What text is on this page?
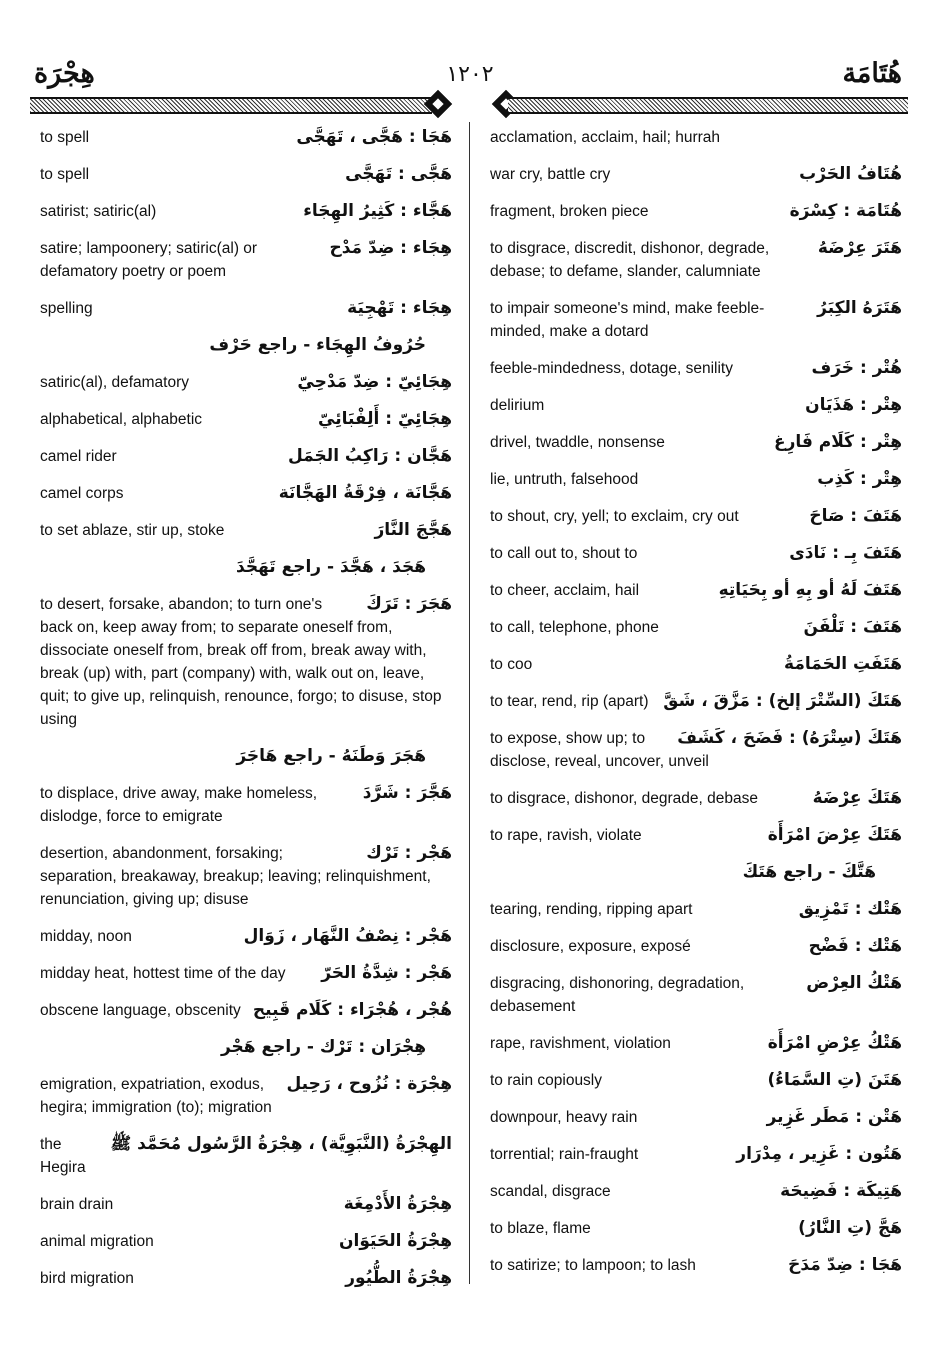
هُتَامَة
١٢٠٢
هِجْرَة
هَجَا : هَجَّى ، تَهَجَّى
to spell
هَجَّى : تَهَجَّى
to spell
هَجَّاء : كَثِيرُ الهِجَاء
satirist; satiric(al)
هِجَاء : ضِدّ مَدْح
satire; lampoonery; satiric(al) or defamatory poetry or poem
هِجَاء : تَهْجِيَة
spelling
حُرُوفُ الهِجَاء - راجع حَرْف
هِجَائِيّ : ضِدّ مَدْحِيّ
satiric(al), defamatory
هِجَائِيّ : أَلِفْبَائِيّ
alphabetical, alphabetic
هَجَّان : رَاكِبُ الجَمَل
camel rider
هَجَّانَة ، فِرْقَةُ الهَجَّانَة
camel corps
هَجَّجَ النَّارَ
to set ablaze, stir up, stoke
هَجَدَ ، هَجَّدَ - راجع تَهَجَّدَ
هَجَرَ : تَرَكَ
to desert, forsake, abandon; to turn one's back on, keep away from; to separate oneself from, dissociate oneself from, break off from, break away with, break (up) with, part (company) with, walk out on, leave, quit; to give up, relinquish, renounce, forgo; to disuse, stop using
هَجَرَ وَطَنَهُ - راجع هَاجَرَ
هَجَّرَ : شَرَّدَ
to displace, drive away, make homeless, dislodge, force to emigrate
هَجْر : تَرْك
desertion, abandonment, forsaking; separation, breakaway, breakup; leaving; relinquishment, renunciation, giving up; disuse
هَجْر : نِصْفُ النَّهَار ، زَوَال
midday, noon
هَجْر : شِدَّةُ الحَرّ
midday heat, hottest time of the day
هُجْر ، هُجْرَاء : كَلَام قَبِيح
obscene language, obscenity
هِجْرَان : تَرْك - راجع هَجْر
هِجْرَة : نُزُوح ، رَحِيل
emigration, expatriation, exodus, hegira; immigration (to); migration
الهِجْرَةُ (النَّبَوِيَّة) ، هِجْرَةُ الرَّسُول مُحَمَّد ﷺ
the Hegira
هِجْرَةُ الأَدْمِغَة
brain drain
هِجْرَةُ الحَيَوَان
animal migration
هِجْرَةُ الطُّيُور
bird migration
acclamation, acclaim, hail; hurrah
هُتَافُ الحَرْب
war cry, battle cry
هُتَامَة : كِسْرَة
fragment, broken piece
هَتَرَ عِرْضَهُ
to disgrace, discredit, dishonor, degrade, debase; to defame, slander, calumniate
هَتَرَهُ الكِبَرُ
to impair someone's mind, make feeble-minded, make a dotard
هُتْر : خَرَف
feeble-mindedness, dotage, senility
هِتْر : هَذَيَان
delirium
هِتْر : كَلَام فَارِغ
drivel, twaddle, nonsense
هِتْر : كَذِب
lie, untruth, falsehood
هَتَفَ : صَاحَ
to shout, cry, yell; to exclaim, cry out
هَتَفَ بِـ : نَادَى
to call out to, shout to
هَتَفَ لَهُ أو بِهِ أو بِحَيَاتِهِ
to cheer, acclaim, hail
هَتَفَ : تَلْفَنَ
to call, telephone, phone
هَتَفَتِ الحَمَامَةُ
to coo
هَتَكَ (السِّتْرَ إلخ) : مَزَّقَ ، شَقَّ
to tear, rend, rip (apart)
هَتَكَ (سِتْرَهُ) : فَضَحَ ، كَشَفَ
to expose, show up; to disclose, reveal, uncover, unveil
هَتَكَ عِرْضَهُ
to disgrace, dishonor, degrade, debase
هَتَكَ عِرْضَ امْرَأَة
to rape, ravish, violate
هَتَّكَ - راجع هَتَكَ
هَتْك : تَمْزِيق
tearing, rending, ripping apart
هَتْك : فَضْح
disclosure, exposure, exposé
هَتْكُ العِرْض
disgracing, dishonoring, degradation, debasement
هَتْكُ عِرْضِ امْرَأَة
rape, ravishment, violation
هَتَنَ (تِ السَّمَاءُ)
to rain copiously
هَتْن : مَطَر غَزِير
downpour, heavy rain
هَتُون : غَزِير ، مِدْرَار
torrential; rain-fraught
هَتِيكَة : فَضِيحَة
scandal, disgrace
هَجَّ (تِ النَّارُ)
to blaze, flame
هَجَا : ضِدّ مَدَحَ
to satirize; to lampoon; to lash
